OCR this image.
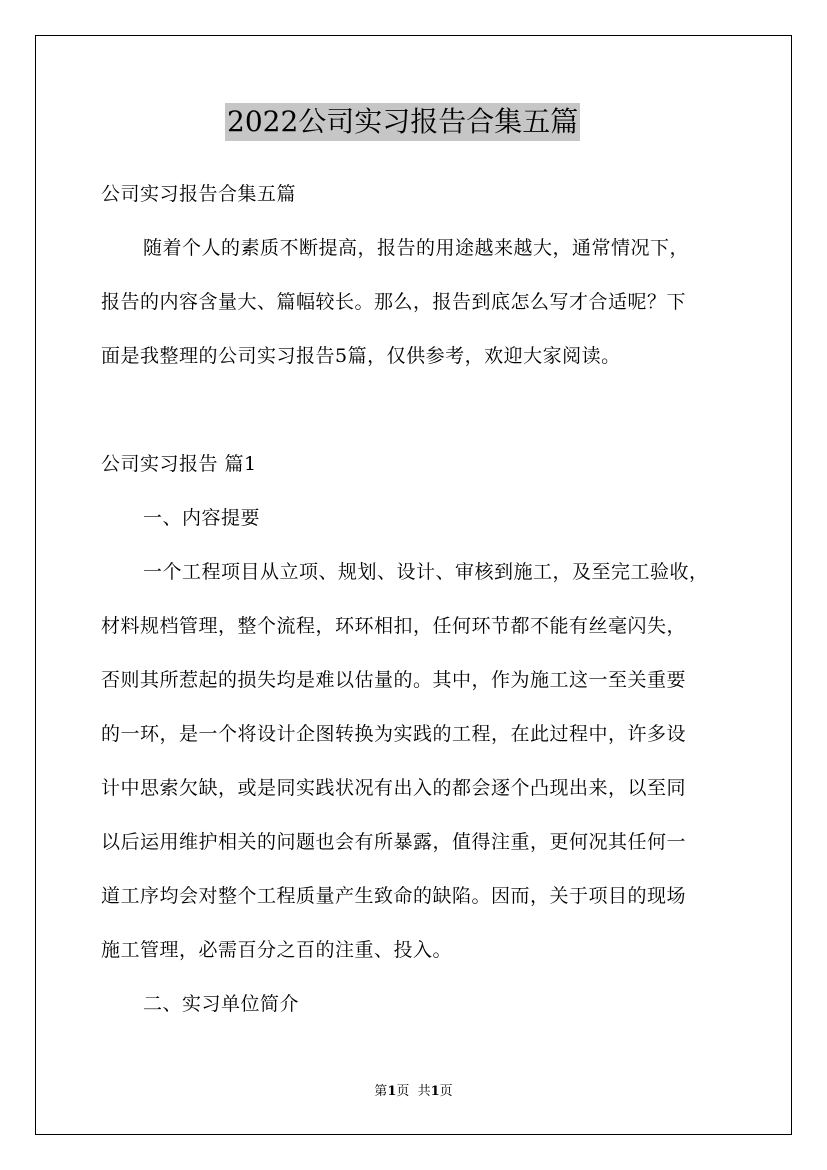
2022公司实习报告合集五篇
公司实习报告合集五篇
随着个人的素质不断提高，报告的用途越来越大，通常情况下，
报告的内容含量大、篇幅较长。那么，报告到底怎么写才合适呢？下
面是我整理的公司实习报告5篇，仅供参考，欢迎大家阅读。
公司实习报告 篇1
一、内容提要
一个工程项目从立项、规划、设计、审核到施工，及至完工验收，
材料规档管理，整个流程，环环相扣，任何环节都不能有丝毫闪失，
否则其所惹起的损失均是难以估量的。其中，作为施工这一至关重要
的一环，是一个将设计企图转换为实践的工程，在此过程中，许多设
计中思索欠缺，或是同实践状况有出入的都会逐个凸现出来，以至同
以后运用维护相关的问题也会有所暴露，值得注重，更何况其任何一
道工序均会对整个工程质量产生致命的缺陷。因而，关于项目的现场
施工管理，必需百分之百的注重、投入。
二、实习单位简介
第1页  共1页
